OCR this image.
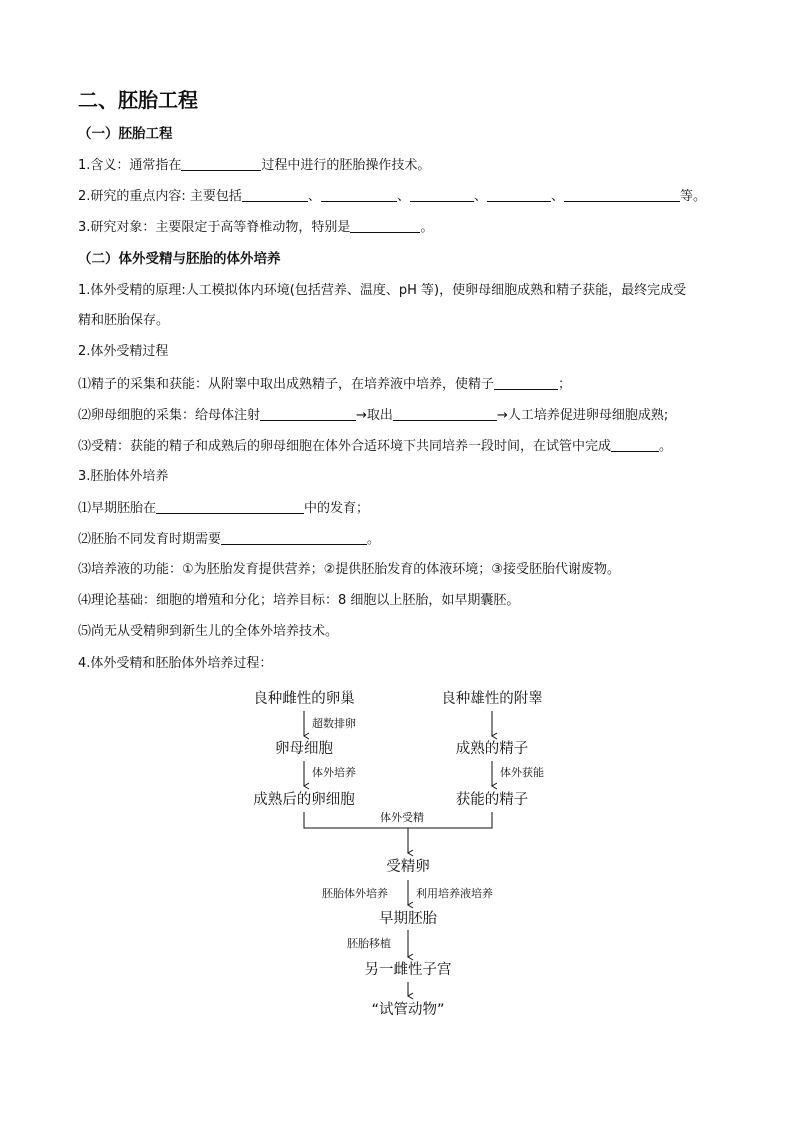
二、胚胎工程
（一）胚胎工程
1.含义：通常指在	过程中进行的胚胎操作技术。
2.研究的重点内容: 主要包括	、	、	、	、	等。
3.研究对象：主要限定于高等脊椎动物，特别是	。
（二）体外受精与胚胎的体外培养
1.体外受精的原理:人工模拟体内环境(包括营养、温度、pH 等)，使卵母细胞成熟和精子获能，最终完成受
精和胚胎保存。
2.体外受精过程
⑴精子的采集和获能：从附睾中取出成熟精子，在培养液中培养，使精子	；
⑵卵母细胞的采集：给母体注射	→取出	→人工培养促进卵母细胞成熟;
⑶受精：获能的精子和成熟后的卵母细胞在体外合适环境下共同培养一段时间，在试管中完成	。
3.胚胎体外培养
⑴早期胚胎在	中的发育；
⑵胚胎不同发育时期需要	。
⑶培养液的功能：①为胚胎发育提供营养；②提供胚胎发育的体液环境；③接受胚胎代谢废物。
⑷理论基础：细胞的增殖和分化；培养目标：8 细胞以上胚胎，如早期囊胚。
⑸尚无从受精卵到新生儿的全体外培养技术。
4.体外受精和胚胎体外培养过程：
良种雌性的卵巢
卵母细胞
成熟后的卵细胞
良种雄性的附睾
成熟的精子
获能的精子
受精卵
早期胚胎
另一雌性子宫
“试管动物”
超数排卵
体外培养	体外获能
体外受精
胚胎体外培养	利用培养液培养
胚胎移植
